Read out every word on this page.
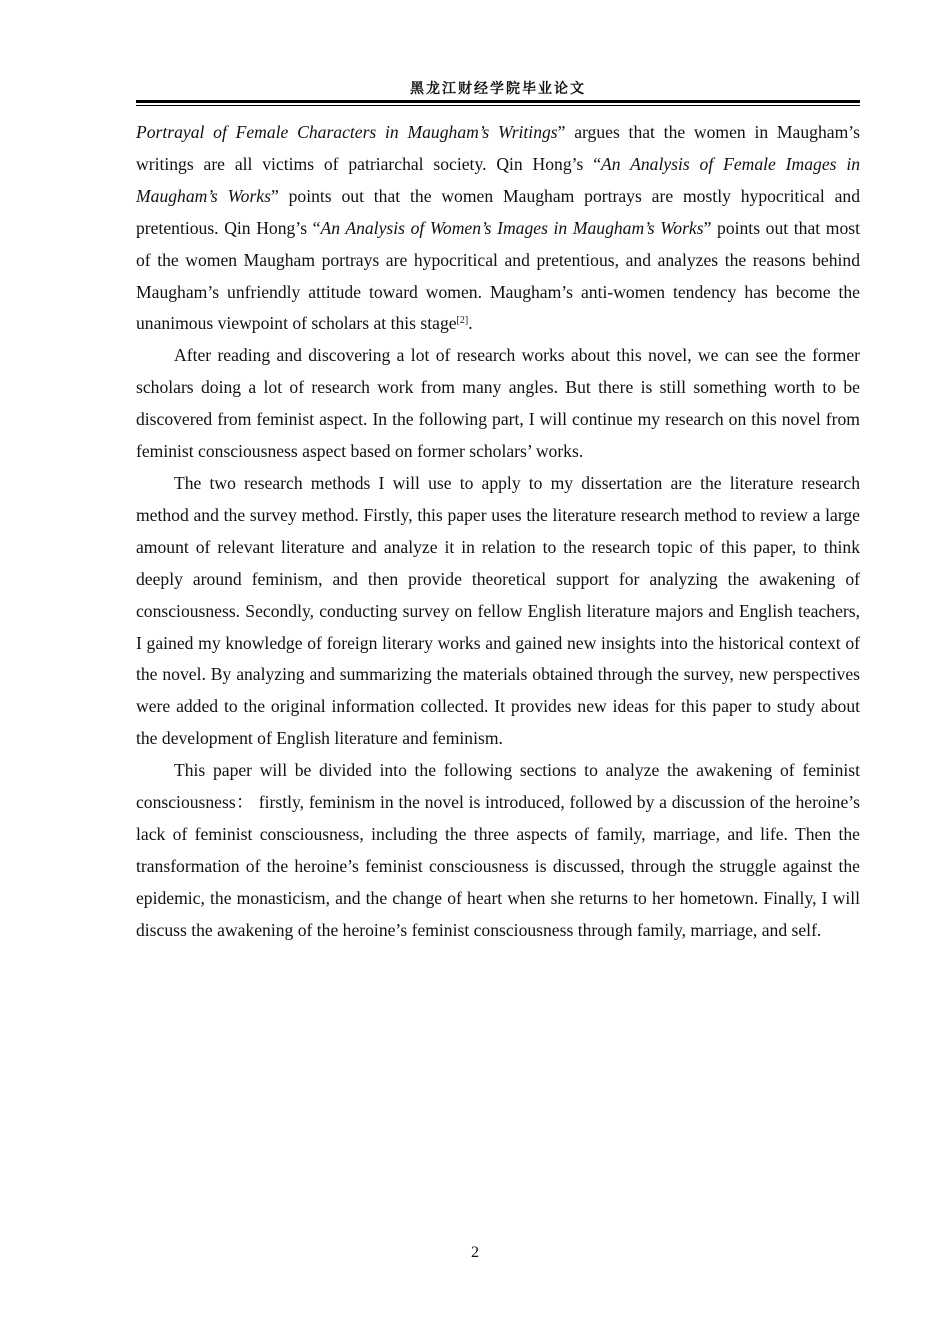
黑龙江财经学院毕业论文

Portrayal of Female Characters in Maugham’s Writings” argues that the women in Maugham’s writings are all victims of patriarchal society. Qin Hong’s “An Analysis of Female Images in Maugham’s Works” points out that the women Maugham portrays are mostly hypocritical and pretentious. Qin Hong’s “An Analysis of Women’s Images in Maugham’s Works” points out that most of the women Maugham portrays are hypocritical and pretentious, and analyzes the reasons behind Maugham’s unfriendly attitude toward women. Maugham’s anti-women tendency has become the unanimous viewpoint of scholars at this stage[2].

After reading and discovering a lot of research works about this novel, we can see the former scholars doing a lot of research work from many angles. But there is still something worth to be discovered from feminist aspect. In the following part, I will continue my research on this novel from feminist consciousness aspect based on former scholars’ works.

The two research methods I will use to apply to my dissertation are the literature research method and the survey method. Firstly, this paper uses the literature research method to review a large amount of relevant literature and analyze it in relation to the research topic of this paper, to think deeply around feminism, and then provide theoretical support for analyzing the awakening of consciousness. Secondly, conducting survey on fellow English literature majors and English teachers, I gained my knowledge of foreign literary works and gained new insights into the historical context of the novel. By analyzing and summarizing the materials obtained through the survey, new perspectives were added to the original information collected. It provides new ideas for this paper to study about the development of English literature and feminism.

This paper will be divided into the following sections to analyze the awakening of feminist consciousness： firstly, feminism in the novel is introduced, followed by a discussion of the heroine’s lack of feminist consciousness, including the three aspects of family, marriage, and life. Then the transformation of the heroine’s feminist consciousness is discussed, through the struggle against the epidemic, the monasticism, and the change of heart when she returns to her hometown. Finally, I will discuss the awakening of the heroine’s feminist consciousness through family, marriage, and self.

2
